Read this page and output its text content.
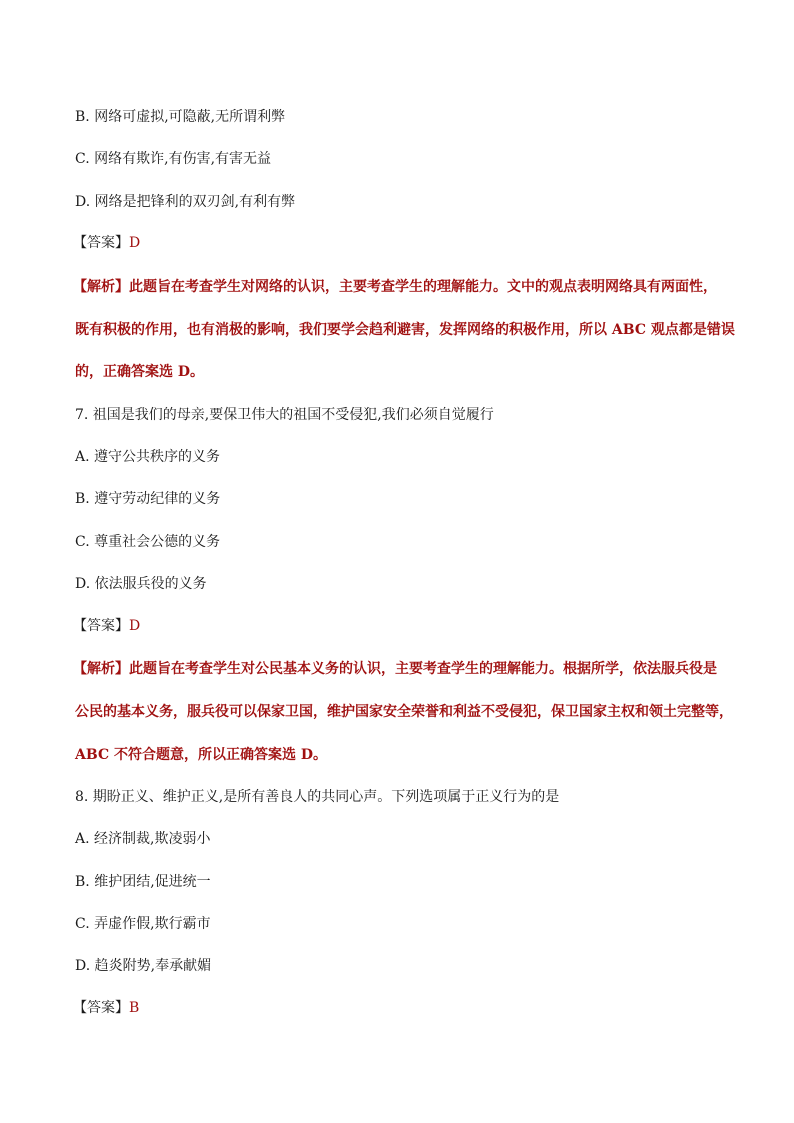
B. 网络可虚拟,可隐蔽,无所谓利弊
C. 网络有欺诈,有伤害,有害无益
D. 网络是把锋利的双刃剑,有利有弊
【答案】D
【解析】此题旨在考查学生对网络的认识，主要考查学生的理解能力。文中的观点表明网络具有两面性，
既有积极的作用，也有消极的影响，我们要学会趋利避害，发挥网络的积极作用，所以 ABC 观点都是错误
的，正确答案选 D。
7. 祖国是我们的母亲,要保卫伟大的祖国不受侵犯,我们必须自觉履行
A. 遵守公共秩序的义务
B. 遵守劳动纪律的义务
C. 尊重社会公德的义务
D. 依法服兵役的义务
【答案】D
【解析】此题旨在考查学生对公民基本义务的认识，主要考查学生的理解能力。根据所学，依法服兵役是
公民的基本义务，服兵役可以保家卫国，维护国家安全荣誉和利益不受侵犯，保卫国家主权和领土完整等，
ABC 不符合题意，所以正确答案选 D。
8. 期盼正义、维护正义,是所有善良人的共同心声。下列选项属于正义行为的是
A. 经济制裁,欺凌弱小
B. 维护团结,促进统一
C. 弄虚作假,欺行霸市
D. 趋炎附势,奉承献媚
【答案】B
